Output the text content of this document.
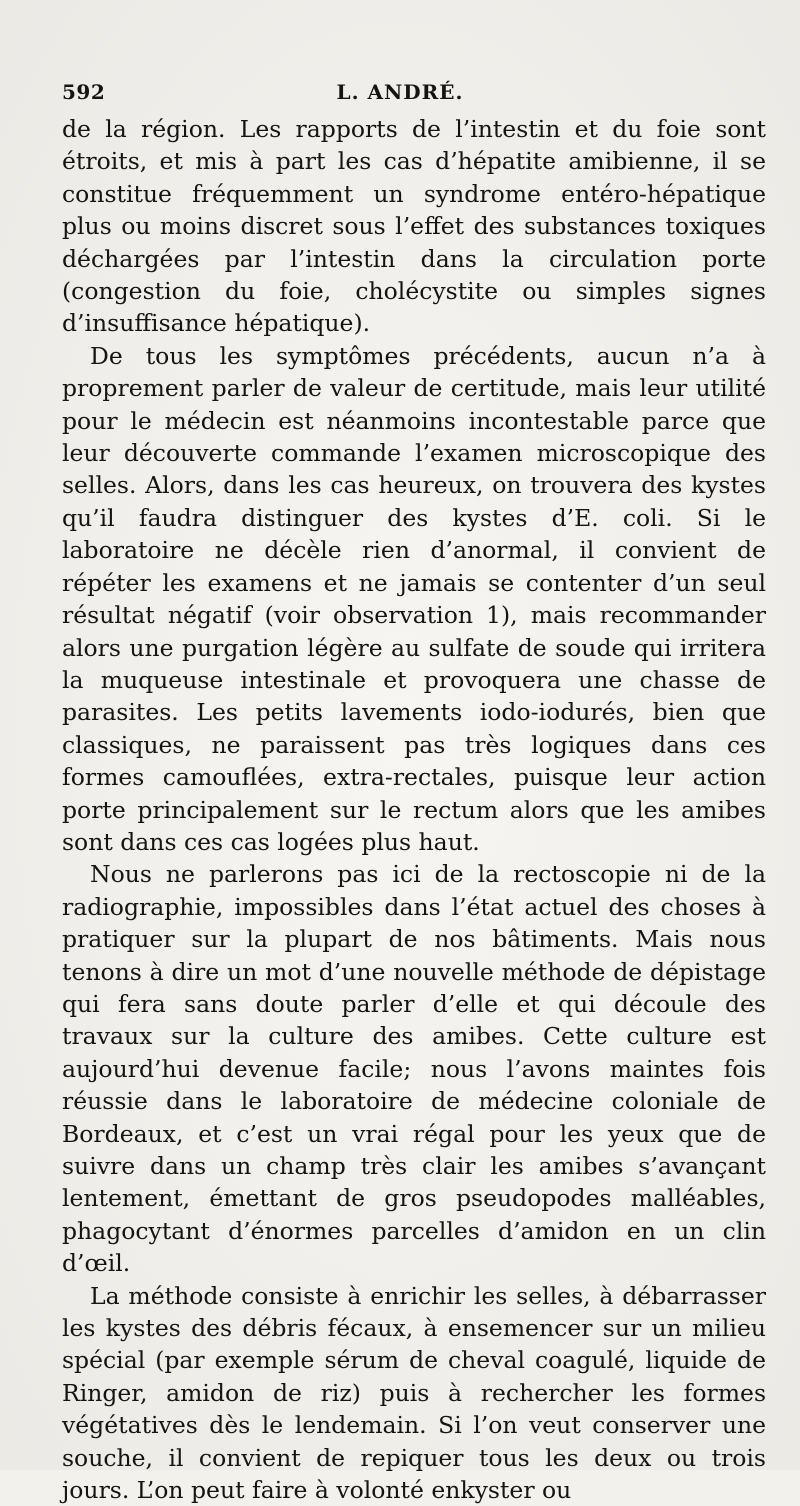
592	L. ANDRÉ.

de la région. Les rapports de l’intestin et du foie sont étroits, et mis à part les cas d’hépatite amibienne, il se constitue fréquemment un syndrome entéro-hépatique plus ou moins discret sous l’effet des substances toxiques déchargées par l’intestin dans la circulation porte (congestion du foie, cholécystite ou simples signes d’insuffisance hépatique).

De tous les symptômes précédents, aucun n’a à proprement parler de valeur de certitude, mais leur utilité pour le médecin est néanmoins incontestable parce que leur découverte commande l’examen microscopique des selles. Alors, dans les cas heureux, on trouvera des kystes qu’il faudra distinguer des kystes d’E. coli. Si le laboratoire ne décèle rien d’anormal, il convient de répéter les examens et ne jamais se contenter d’un seul résultat négatif (voir observation 1), mais recommander alors une purgation légère au sulfate de soude qui irritera la muqueuse intestinale et provoquera une chasse de parasites. Les petits lavements iodo-iodurés, bien que classiques, ne paraissent pas très logiques dans ces formes camouflées, extra-rectales, puisque leur action porte principalement sur le rectum alors que les amibes sont dans ces cas logées plus haut.

Nous ne parlerons pas ici de la rectoscopie ni de la radiographie, impossibles dans l’état actuel des choses à pratiquer sur la plupart de nos bâtiments. Mais nous tenons à dire un mot d’une nouvelle méthode de dépistage qui fera sans doute parler d’elle et qui découle des travaux sur la culture des amibes. Cette culture est aujourd’hui devenue facile; nous l’avons maintes fois réussie dans le laboratoire de médecine coloniale de Bordeaux, et c’est un vrai régal pour les yeux que de suivre dans un champ très clair les amibes s’avançant lentement, émettant de gros pseudopodes malléables, phagocytant d’énormes parcelles d’amidon en un clin d’œil.

La méthode consiste à enrichir les selles, à débarrasser les kystes des débris fécaux, à ensemencer sur un milieu spécial (par exemple sérum de cheval coagulé, liquide de Ringer, amidon de riz) puis à rechercher les formes végétatives dès le lendemain. Si l’on veut conserver une souche, il convient de repiquer tous les deux ou trois jours. L’on peut faire à volonté enkyster ou
